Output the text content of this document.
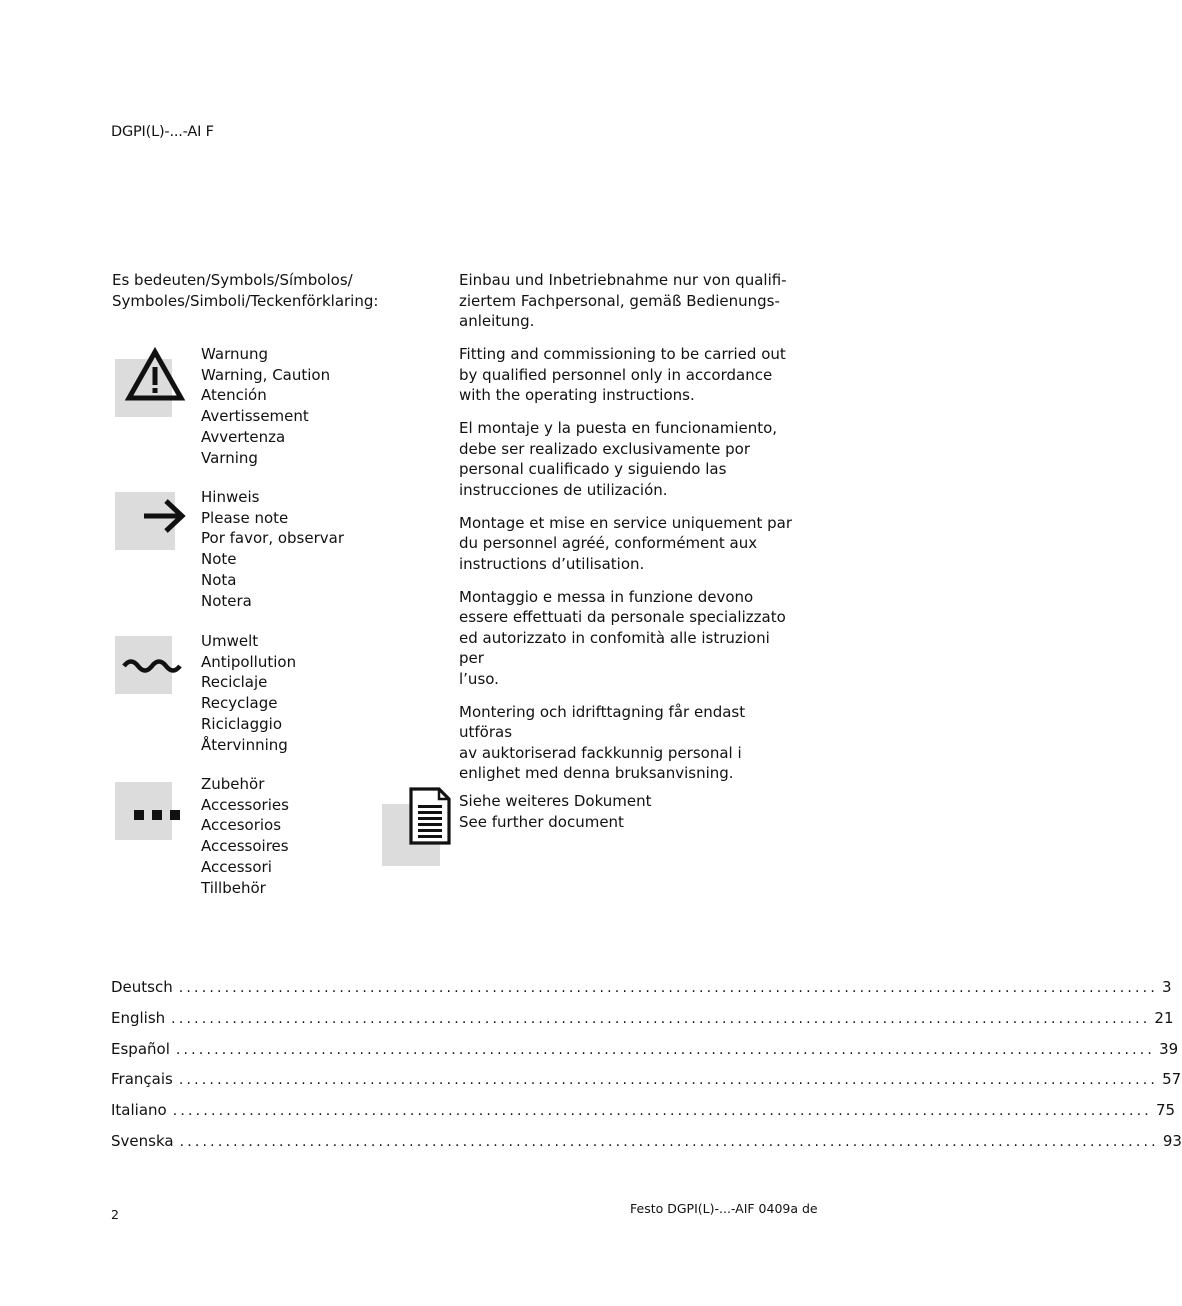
DGPI(L)-...-AI F
Es bedeuten/Symbols/Símbolos/
Symboles/Simboli/Teckenförklaring:
Warnung
Warning, Caution
Atención
Avertissement
Avvertenza
Varning
Hinweis
Please note
Por favor, observar
Note
Nota
Notera
Umwelt
Antipollution
Reciclaje
Recyclage
Riciclaggio
Återvinning
Zubehör
Accessories
Accesorios
Accessoires
Accessori
Tillbehör

Einbau und Inbetriebnahme nur von qualifi-
ziertem Fachpersonal, gemäß Bedienungs-
anleitung.

Fitting and commissioning to be carried out
by qualified personnel only in accordance
with the operating instructions.

El montaje y la puesta en funcionamiento,
debe ser realizado exclusivamente por
personal cualificado y siguiendo las
instrucciones de utilización.

Montage et mise en service uniquement par
du personnel agréé, conformément aux
instructions d’utilisation.

Montaggio e messa in funzione devono
essere effettuati da personale specializzato
ed autorizzato in confomità alle istruzioni per
l’uso.

Montering och idrifttagning får endast utföras
av auktoriserad fackkunnig personal i
enlighet med denna bruksanvisning.

Siehe weiteres Dokument
See further document
Deutsch ................................................................................................................................ 3
English ................................................................................................................................ 21
Español ................................................................................................................................ 39
Français ................................................................................................................................ 57
Italiano ................................................................................................................................ 75
Svenska ................................................................................................................................ 93
2	Festo DGPI(L)-...-AIF 0409a de
